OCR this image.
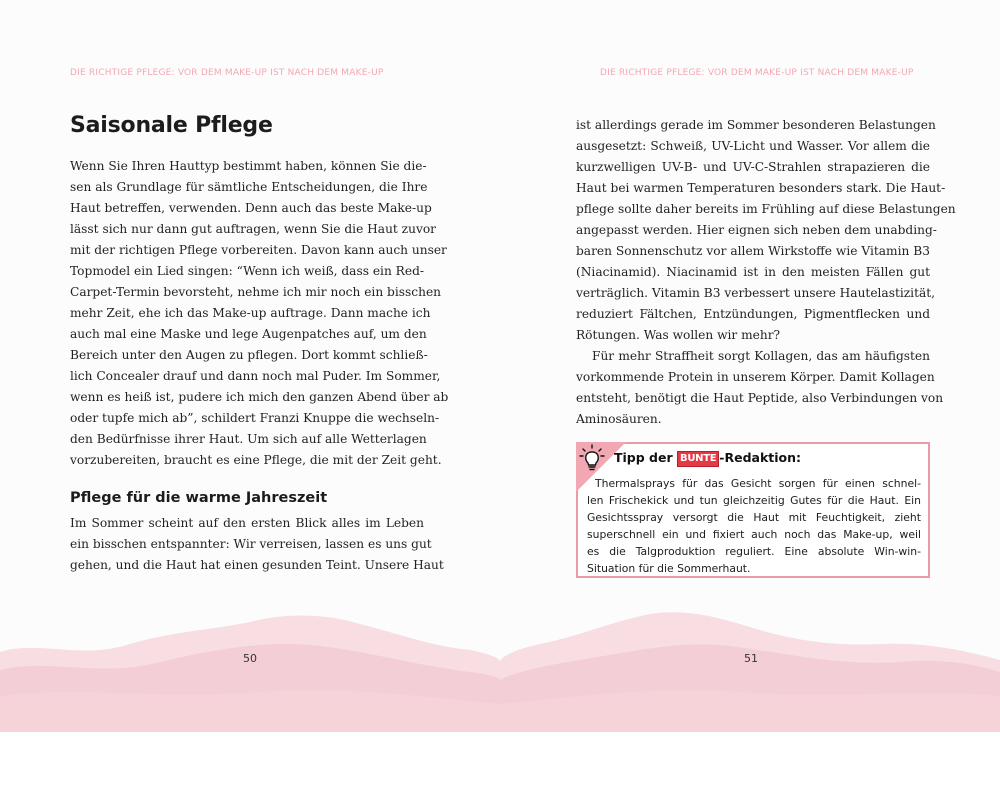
DIE RICHTIGE PFLEGE: VOR DEM MAKE-UP IST NACH DEM MAKE-UP
Saisonale Pflege
Wenn Sie Ihren Hauttyp bestimmt haben, können Sie die-
sen als Grundlage für sämtliche Entscheidungen, die Ihre
Haut betreffen, verwenden. Denn auch das beste Make-up
lässt sich nur dann gut auftragen, wenn Sie die Haut zuvor
mit der richtigen Pflege vorbereiten. Davon kann auch unser
Topmodel ein Lied singen: “Wenn ich weiß, dass ein Red-
Carpet-Termin bevorsteht, nehme ich mir noch ein bisschen
mehr Zeit, ehe ich das Make-up auftrage. Dann mache ich
auch mal eine Maske und lege Augenpatches auf, um den
Bereich unter den Augen zu pflegen. Dort kommt schließ-
lich Concealer drauf und dann noch mal Puder. Im Sommer,
wenn es heiß ist, pudere ich mich den ganzen Abend über ab
oder tupfe mich ab”, schildert Franzi Knuppe die wechseln-
den Bedürfnisse ihrer Haut. Um sich auf alle Wetterlagen
vorzubereiten, braucht es eine Pflege, die mit der Zeit geht.
Pflege für die warme Jahreszeit
Im Sommer scheint auf den ersten Blick alles im Leben
ein bisschen entspannter: Wir verreisen, lassen es uns gut
gehen, und die Haut hat einen gesunden Teint. Unsere Haut
50
DIE RICHTIGE PFLEGE: VOR DEM MAKE-UP IST NACH DEM MAKE-UP
ist allerdings gerade im Sommer besonderen Belastungen
ausgesetzt: Schweiß, UV-Licht und Wasser. Vor allem die
kurzwelligen UV-B- und UV-C-Strahlen strapazieren die
Haut bei warmen Temperaturen besonders stark. Die Haut-
pflege sollte daher bereits im Frühling auf diese Belastungen
angepasst werden. Hier eignen sich neben dem unabding-
baren Sonnenschutz vor allem Wirkstoffe wie Vitamin B3
(Niacinamid). Niacinamid ist in den meisten Fällen gut
verträglich. Vitamin B3 verbessert unsere Hautelastizität,
reduziert Fältchen, Entzündungen, Pigmentflecken und
Rötungen. Was wollen wir mehr?
Für mehr Straffheit sorgt Kollagen, das am häufigsten
vorkommende Protein in unserem Körper. Damit Kollagen
entsteht, benötigt die Haut Peptide, also Verbindungen von
Aminosäuren.
Tipp der BUNTE -Redaktion:
Thermalsprays für das Gesicht sorgen für einen schnel-
len Frischekick und tun gleichzeitig Gutes für die Haut. Ein
Gesichtsspray versorgt die Haut mit Feuchtigkeit, zieht
superschnell ein und fixiert auch noch das Make-up, weil
es die Talgproduktion reguliert. Eine absolute Win-win-
Situation für die Sommerhaut.
51
